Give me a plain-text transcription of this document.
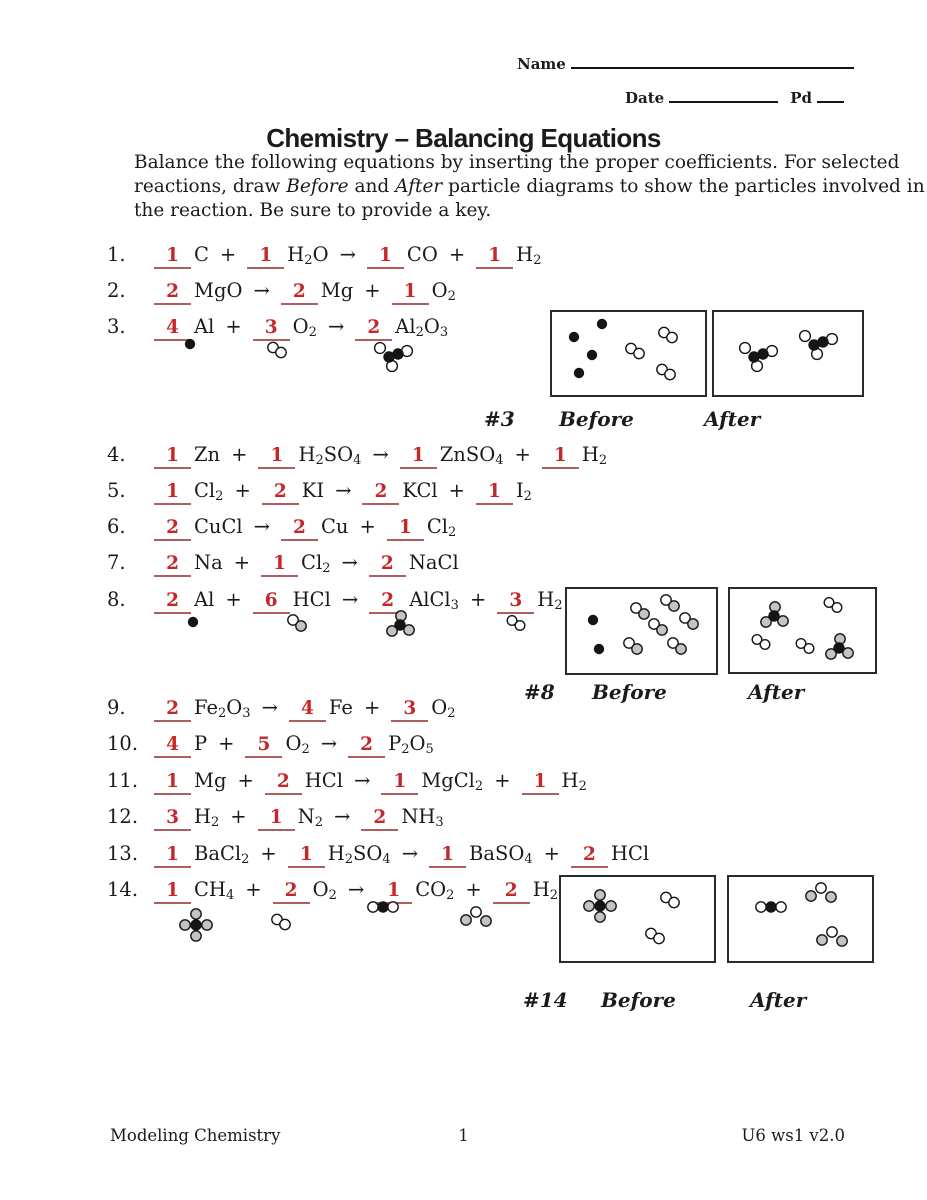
Name
Date	Pd
Chemistry – Balancing Equations
Balance the following equations by inserting the proper coefficients. For selected
reactions, draw Before and After particle diagrams to show the particles involved in
the reaction. Be sure to provide a key.
1.	1 C +	1 $H_2O$ →	1 CO +	1 $H_2$
2.	2 MgO →	2 Mg +	1 $O_2$
3.	4 Al +	3 $O_2$ →	2 $Al_2O_3$
4.	1 Zn +	1 $H_2SO_4$ →	1 ZnSO$_4$ +	1 $H_2$
5.	1 $Cl_2$ +	2 KI →	2 KCl +	1 $I_2$
6.	2 CuCl →	2 Cu +	1 $Cl_2$
7.	2 Na +	1 $Cl_2$ →	2 NaCl
8.	2 Al +	6 HCl →	2 AlCl$_3$ +	3 $H_2$
9.	2 $Fe_2O_3$ →	4 Fe +	3 $O_2$
10.	4 P +	5 $O_2$ →	2 $P_2O_5$
11.	1 Mg +	2 HCl →	1 MgCl$_2$ +	1 $H_2$
12.	3 $H_2$ +	1 $N_2$ →	2 $NH_3$
13.	1 BaCl$_2$ +	1 $H_2SO_4$ →	1 BaSO$_4$ +	2 HCl
14.	1 $CH_4$ +	2 $O_2$ →	1 $CO_2$ +	2 $H_2$
#3 Before	After
#8 Before	After
#14 Before	After
Modeling Chemistry	1	U6 ws1 v2.0
